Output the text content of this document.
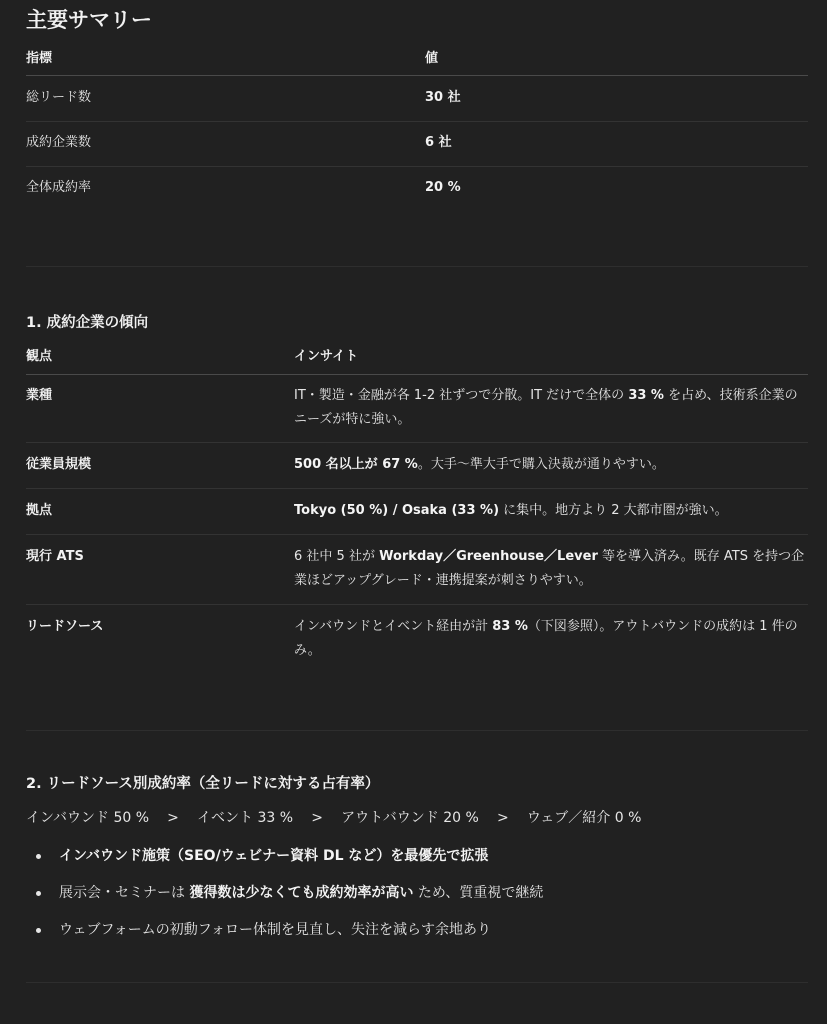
主要サマリー
指標	値
総リード数	30 社
成約企業数	6 社
全体成約率	20 %
1. 成約企業の傾向
観点	インサイト
業種	IT・製造・金融が各 1-2 社ずつで分散。IT だけで全体の 33 % を占め、技術系企業のニーズが特に強い。
従業員規模	500 名以上が 67 %。大手〜準大手で購入決裁が通りやすい。
拠点	Tokyo (50 %) / Osaka (33 %) に集中。地方より 2 大都市圏が強い。
現行 ATS	6 社中 5 社が Workday／Greenhouse／Lever 等を導入済み。既存 ATS を持つ企業ほどアップグレード・連携提案が刺さりやすい。
リードソース	インバウンドとイベント経由が計 83 %（下図参照）。アウトバウンドの成約は 1 件のみ。
2. リードソース別成約率（全リードに対する占有率）
インバウンド 50 % > イベント 33 % > アウトバウンド 20 % > ウェブ／紹介 0 %
インバウンド施策（SEO/ウェビナー資料 DL など）を最優先で拡張
展示会・セミナーは 獲得数は少なくても成約効率が高い ため、質重視で継続
ウェブフォームの初動フォロー体制を見直し、失注を減らす余地あり
